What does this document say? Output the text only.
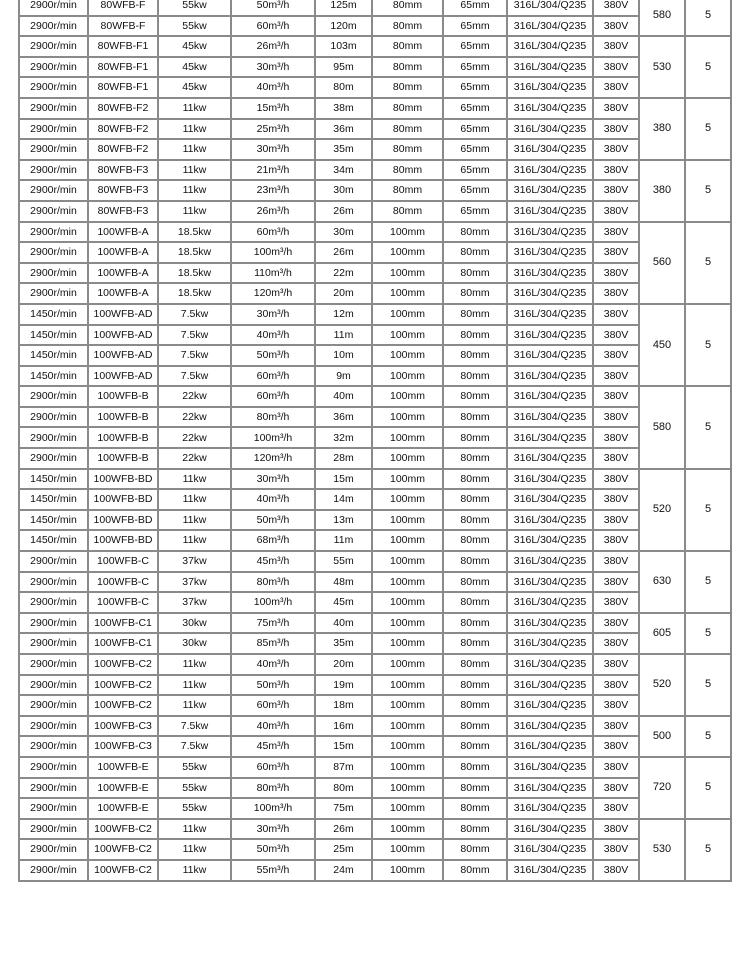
2900r/min	80WFB-F	55kw	50m³/h	125m	80mm	65mm	316L/304/Q235	380V	580	5
2900r/min	80WFB-F	55kw	60m³/h	120m	80mm	65mm	316L/304/Q235	380V		
2900r/min	80WFB-F1	45kw	26m³/h	103m	80mm	65mm	316L/304/Q235	380V	530	5
2900r/min	80WFB-F1	45kw	30m³/h	95m	80mm	65mm	316L/304/Q235	380V		
2900r/min	80WFB-F1	45kw	40m³/h	80m	80mm	65mm	316L/304/Q235	380V		
2900r/min	80WFB-F2	11kw	15m³/h	38m	80mm	65mm	316L/304/Q235	380V	380	5
2900r/min	80WFB-F2	11kw	25m³/h	36m	80mm	65mm	316L/304/Q235	380V		
2900r/min	80WFB-F2	11kw	30m³/h	35m	80mm	65mm	316L/304/Q235	380V		
2900r/min	80WFB-F3	11kw	21m³/h	34m	80mm	65mm	316L/304/Q235	380V	380	5
2900r/min	80WFB-F3	11kw	23m³/h	30m	80mm	65mm	316L/304/Q235	380V		
2900r/min	80WFB-F3	11kw	26m³/h	26m	80mm	65mm	316L/304/Q235	380V		
2900r/min	100WFB-A	18.5kw	60m³/h	30m	100mm	80mm	316L/304/Q235	380V	560	5
2900r/min	100WFB-A	18.5kw	100m³/h	26m	100mm	80mm	316L/304/Q235	380V		
2900r/min	100WFB-A	18.5kw	110m³/h	22m	100mm	80mm	316L/304/Q235	380V		
2900r/min	100WFB-A	18.5kw	120m³/h	20m	100mm	80mm	316L/304/Q235	380V		
1450r/min	100WFB-AD	7.5kw	30m³/h	12m	100mm	80mm	316L/304/Q235	380V	450	5
1450r/min	100WFB-AD	7.5kw	40m³/h	11m	100mm	80mm	316L/304/Q235	380V		
1450r/min	100WFB-AD	7.5kw	50m³/h	10m	100mm	80mm	316L/304/Q235	380V		
1450r/min	100WFB-AD	7.5kw	60m³/h	9m	100mm	80mm	316L/304/Q235	380V		
2900r/min	100WFB-B	22kw	60m³/h	40m	100mm	80mm	316L/304/Q235	380V	580	5
2900r/min	100WFB-B	22kw	80m³/h	36m	100mm	80mm	316L/304/Q235	380V		
2900r/min	100WFB-B	22kw	100m³/h	32m	100mm	80mm	316L/304/Q235	380V		
2900r/min	100WFB-B	22kw	120m³/h	28m	100mm	80mm	316L/304/Q235	380V		
1450r/min	100WFB-BD	11kw	30m³/h	15m	100mm	80mm	316L/304/Q235	380V	520	5
1450r/min	100WFB-BD	11kw	40m³/h	14m	100mm	80mm	316L/304/Q235	380V		
1450r/min	100WFB-BD	11kw	50m³/h	13m	100mm	80mm	316L/304/Q235	380V		
1450r/min	100WFB-BD	11kw	68m³/h	11m	100mm	80mm	316L/304/Q235	380V		
2900r/min	100WFB-C	37kw	45m³/h	55m	100mm	80mm	316L/304/Q235	380V	630	5
2900r/min	100WFB-C	37kw	80m³/h	48m	100mm	80mm	316L/304/Q235	380V		
2900r/min	100WFB-C	37kw	100m³/h	45m	100mm	80mm	316L/304/Q235	380V		
2900r/min	100WFB-C1	30kw	75m³/h	40m	100mm	80mm	316L/304/Q235	380V	605	5
2900r/min	100WFB-C1	30kw	85m³/h	35m	100mm	80mm	316L/304/Q235	380V		
2900r/min	100WFB-C2	11kw	40m³/h	20m	100mm	80mm	316L/304/Q235	380V	520	5
2900r/min	100WFB-C2	11kw	50m³/h	19m	100mm	80mm	316L/304/Q235	380V		
2900r/min	100WFB-C2	11kw	60m³/h	18m	100mm	80mm	316L/304/Q235	380V		
2900r/min	100WFB-C3	7.5kw	40m³/h	16m	100mm	80mm	316L/304/Q235	380V	500	5
2900r/min	100WFB-C3	7.5kw	45m³/h	15m	100mm	80mm	316L/304/Q235	380V		
2900r/min	100WFB-E	55kw	60m³/h	87m	100mm	80mm	316L/304/Q235	380V	720	5
2900r/min	100WFB-E	55kw	80m³/h	80m	100mm	80mm	316L/304/Q235	380V		
2900r/min	100WFB-E	55kw	100m³/h	75m	100mm	80mm	316L/304/Q235	380V		
2900r/min	100WFB-C2	11kw	30m³/h	26m	100mm	80mm	316L/304/Q235	380V	530	5
2900r/min	100WFB-C2	11kw	50m³/h	25m	100mm	80mm	316L/304/Q235	380V		
2900r/min	100WFB-C2	11kw	55m³/h	24m	100mm	80mm	316L/304/Q235	380V		
